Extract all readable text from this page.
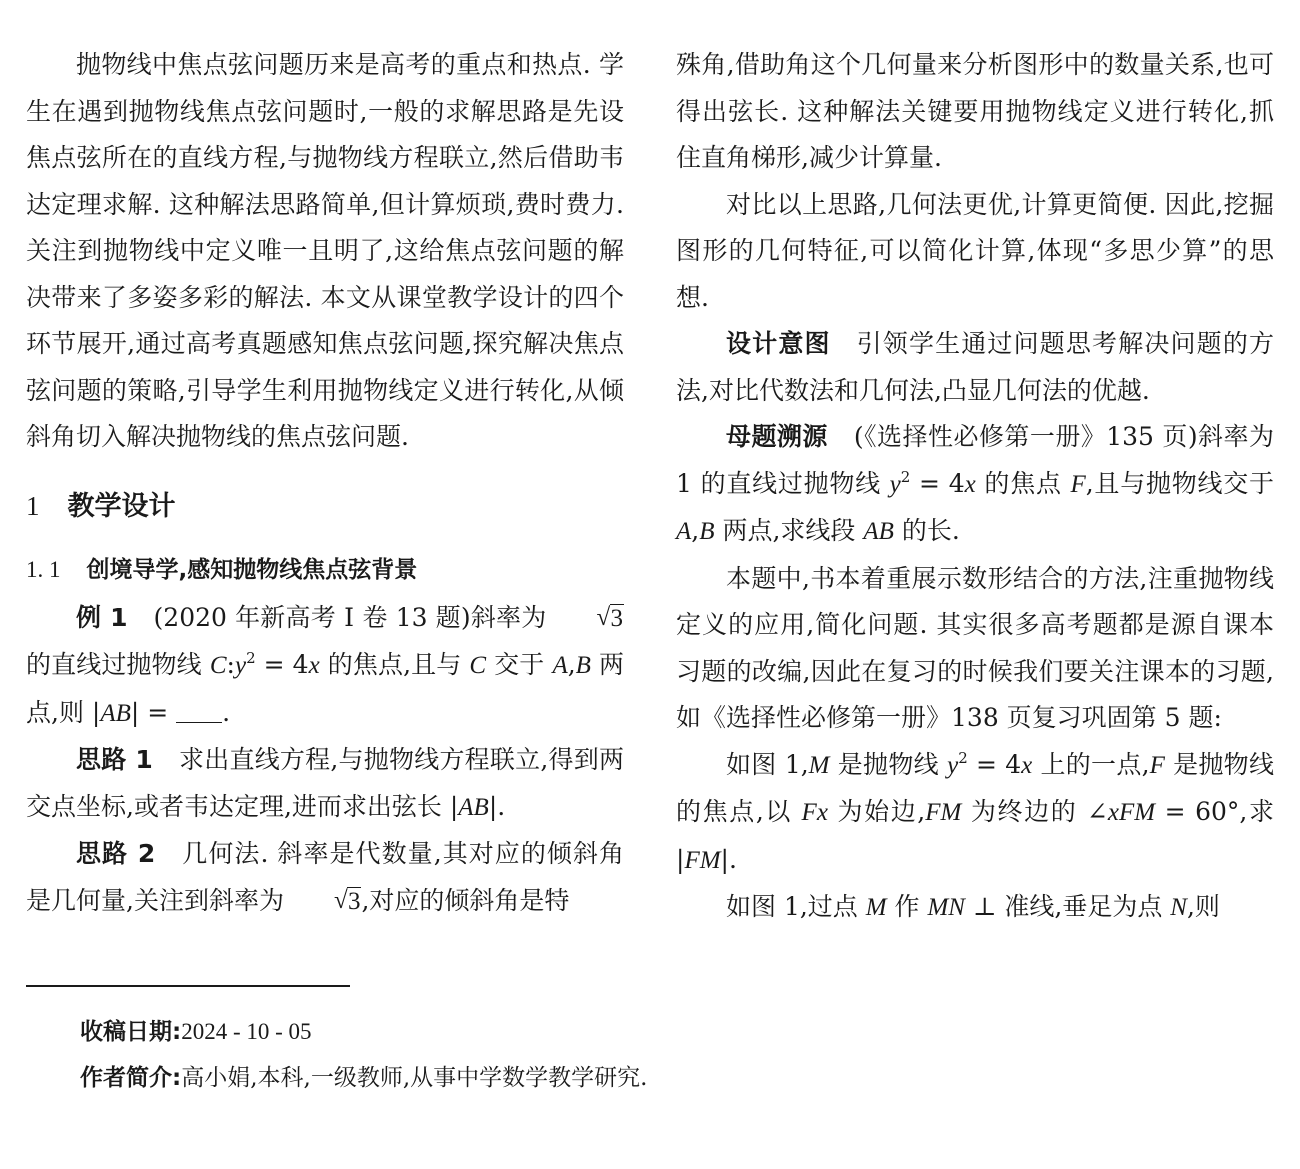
抛物线中焦点弦问题历来是高考的重点和热点. 学生在遇到抛物线焦点弦问题时,一般的求解思路是先设焦点弦所在的直线方程,与抛物线方程联立,然后借助韦达定理求解. 这种解法思路简单,但计算烦琐,费时费力. 关注到抛物线中定义唯一且明了,这给焦点弦问题的解决带来了多姿多彩的解法. 本文从课堂教学设计的四个环节展开,通过高考真题感知焦点弦问题,探究解决焦点弦问题的策略,引导学生利用抛物线定义进行转化,从倾斜角切入解决抛物线的焦点弦问题.

1 教学设计
1. 1 创境导学,感知抛物线焦点弦背景

例 1 (2020 年新高考 Ⅰ 卷 13 题)斜率为	√ 3的直线过抛物线 $C:y^2 = 4x$ 的焦点,且与 C 交于 A,B 两点,则 |AB| = .

思路 1 求出直线方程,与抛物线方程联立,得到两交点坐标,或者韦达定理,进而求出弦长 |AB|.

思路 2 几何法. 斜率是代数量,其对应的倾斜角是几何量,关注到斜率为	√ 3,对应的倾斜角是特

殊角,借助角这个几何量来分析图形中的数量关系,也可得出弦长. 这种解法关键要用抛物线定义进行转化,抓住直角梯形,减少计算量.

对比以上思路,几何法更优,计算更简便. 因此,挖掘图形的几何特征,可以简化计算,体现“多思少算”的思想.

设计意图 引领学生通过问题思考解决问题的方法,对比代数法和几何法,凸显几何法的优越.

母题溯源 (《选择性必修第一册》135 页)斜率为 1 的直线过抛物线 $y^2 = 4x$ 的焦点 F,且与抛物线交于 A,B 两点,求线段 AB 的长.

本题中,书本着重展示数形结合的方法,注重抛物线定义的应用,简化问题. 其实很多高考题都是源自课本习题的改编,因此在复习的时候我们要关注课本的习题,如《选择性必修第一册》138 页复习巩固第 5 题:

如图 1,M 是抛物线 $y^2 = 4x$ 上的一点,F 是抛物线的焦点,以 Fx 为始边,FM 为终边的 ∠xFM = 60°,求 |FM|.

如图 1,过点 M 作 MN ⊥ 准线,垂足为点 N,则

收稿日期:2024 - 10 - 05
作者简介:高小娟,本科,一级教师,从事中学数学教学研究.
